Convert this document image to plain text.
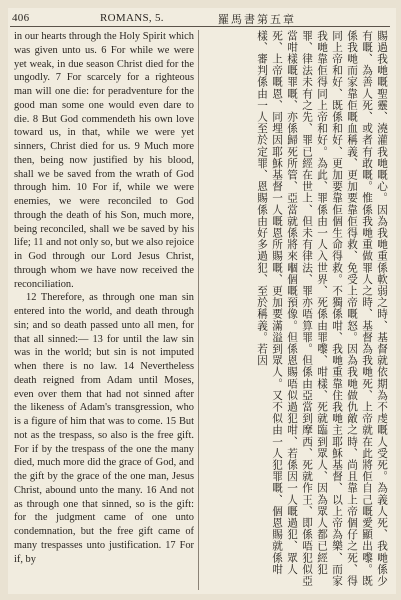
406	ROMANS, 5.	羅馬書第五章

in our hearts through the Holy Spirit which was given unto us. 6 For while we were yet weak, in due season Christ died for the ungodly. 7 For scarcely for a righteous man will one die: for peradventure for the good man some one would even dare to die. 8 But God commendeth his own love toward us, in that, while we were yet sinners, Christ died for us. 9 Much more then, being now justified by his blood, shall we be saved from the wrath of God through him. 10 For if, while we were enemies, we were reconciled to God through the death of his Son, much more, being reconciled, shall we be saved by his life; 11 and not only so, but we also rejoice in God through our Lord Jesus Christ, through whom we have now received the reconciliation.

12 Therefore, as through one man sin entered into the world, and death through sin; and so death passed unto all men, for that all sinned:— 13 for until the law sin was in the world; but sin is not imputed when there is no law. 14 Nevertheless death reigned from Adam until Moses, even over them that had not sinned after the likeness of Adam's transgression, who is a figure of him that was to come. 15 But not as the trespass, so also is the free gift. For if by the trespass of the one the many died, much more did the grace of God, and the gift by the grace of the one man, Jesus Christ, abound unto the many. 16 And not as through one that sinned, so is the gift: for the judgment came of one unto condemnation, but the free gift came of many trespasses unto justification. 17 For if, by	賜過我哋嘅聖靈、澆灌我哋嘅心。因為我哋重係軟弱之時、基督就依期為不虔嘅人受死。為義人死、我哋係少有嘅、為善人死、或者有敢嘅。惟係我哋重做罪人之時、基督為我哋死、上帝就在此將佢自己嘅愛顯出嚟。既係我哋而家靠佢嘅血稱義、更加要靠佢得救、免受上帝嘅怒。因為我哋做仇敵之時、尚且靠上帝個仔之死、得同上帝和好、既係和好、更加要靠佢個生命得救。不獨係咁、我哋重靠住我哋主耶穌基督、以上帝為樂、而家我哋靠佢得同上帝和好。為此、罪係由一人入世界、死係由罪嚟、咁樣、死就臨到眾人、因為眾人都已經犯罪、律法未有之先、罪已經在世上、但未有律法、罪亦唔算罪。但係由亞當到摩西、死就作王、即係唔犯似亞當咁樣嘅罪嘅、亦係歸死所管、亞當就係將來嗰個嘅預像。但係恩賜唔似過犯咁、若係因一人嘅過犯、眾人死、上帝嘅恩、同埋因耶穌基督一人嘅恩所賜嘅、更加要滿溢到眾人。又不似由一人犯罪嘅、個恩賜就係咁樣、審判係由一人至於定罪、恩賜係由好多過犯、至於稱義。若因
